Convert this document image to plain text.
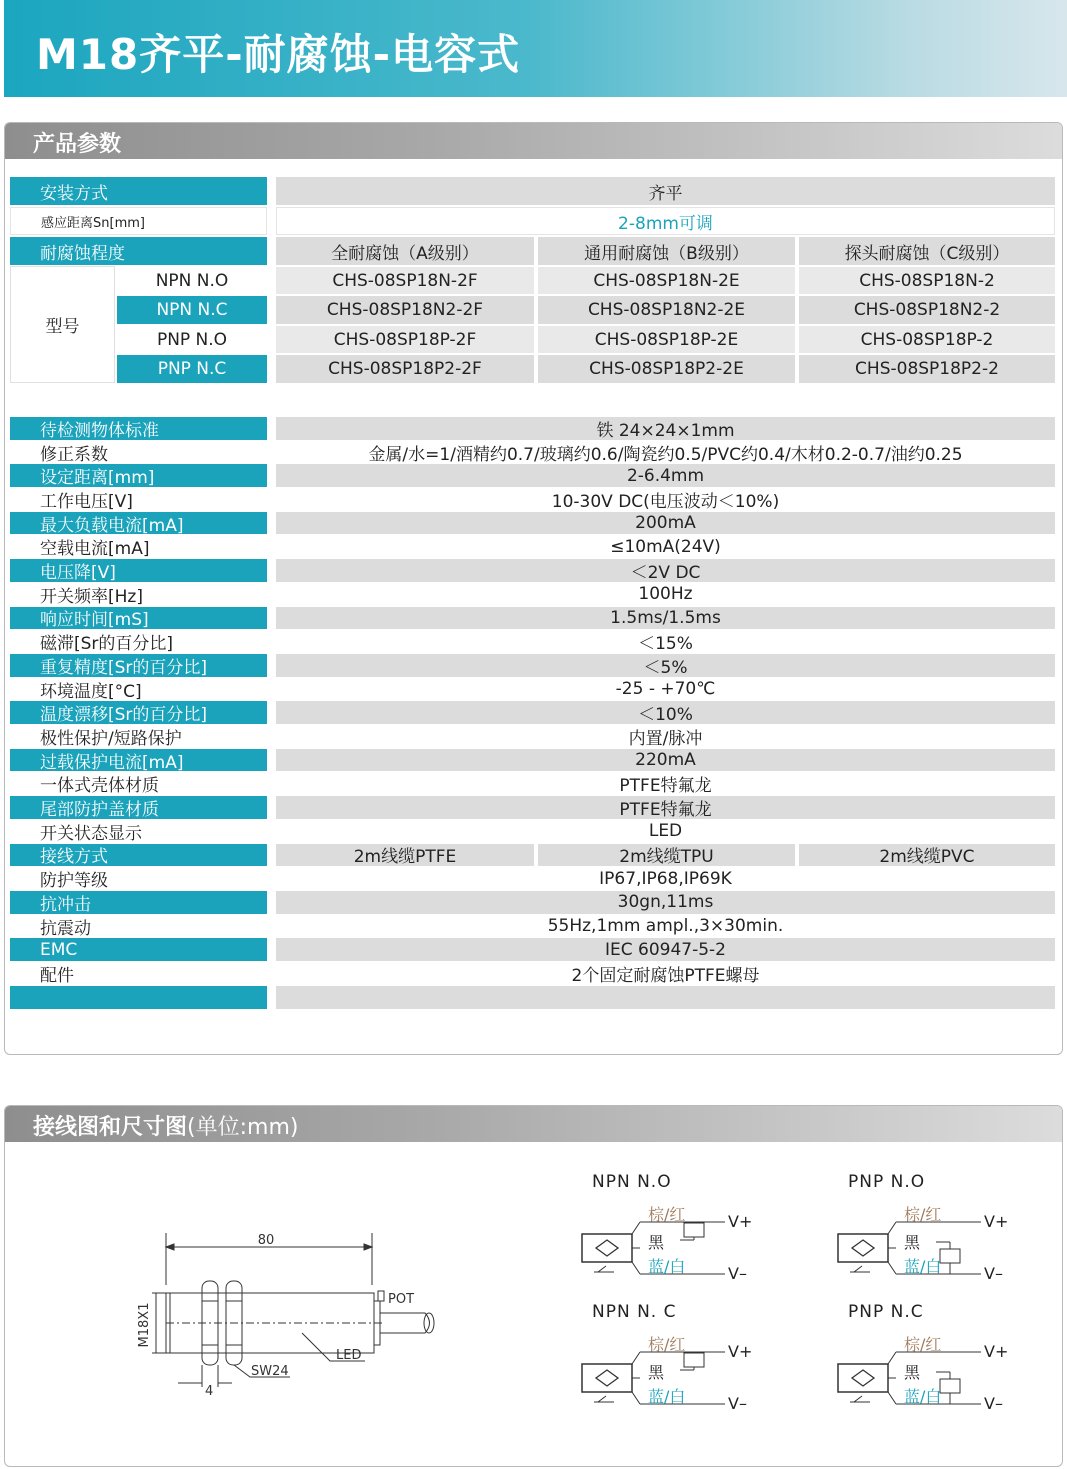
M18齐平-耐腐蚀-电容式
产品参数
安装方式	齐平
感应距离Sn[mm]	2-8mm可调
耐腐蚀程度	全耐腐蚀（A级别）	通用耐腐蚀（B级别）	探头耐腐蚀（C级别）
型号
NPN N.O	CHS-08SP18N-2F	CHS-08SP18N-2E	CHS-08SP18N-2
NPN N.C	CHS-08SP18N2-2F	CHS-08SP18N2-2E	CHS-08SP18N2-2
PNP N.O	CHS-08SP18P-2F	CHS-08SP18P-2E	CHS-08SP18P-2
PNP N.C	CHS-08SP18P2-2F	CHS-08SP18P2-2E	CHS-08SP18P2-2
待检测物体标准	铁 24×24×1mm
修正系数	金属/水=1/酒精约0.7/玻璃约0.6/陶瓷约0.5/PVC约0.4/木材0.2-0.7/油约0.25
设定距离[mm]	2-6.4mm
工作电压[V]	10-30V DC(电压波动＜10%)
最大负载电流[mA]	200mA
空载电流[mA]	≤10mA(24V)
电压降[V]	＜2V DC
开关频率[Hz]	100Hz
响应时间[mS]	1.5ms/1.5ms
磁滞[Sr的百分比]	＜15%
重复精度[Sr的百分比]	＜5%
环境温度[°C]	-25 - +70℃
温度漂移[Sr的百分比]	＜10%
极性保护/短路保护	内置/脉冲
过载保护电流[mA]	220mA
一体式壳体材质	PTFE特氟龙
尾部防护盖材质	PTFE特氟龙
开关状态显示	LED
接线方式	2m线缆PTFE	2m线缆TPU	2m线缆PVC
防护等级	IP67,IP68,IP69K
抗冲击	30gn,11ms
抗震动	55Hz,1mm ampl.,3×30min.
EMC	IEC 60947-5-2
配件	2个固定耐腐蚀PTFE螺母
接线图和尺寸图(单位:mm)
80
M18X1
SW24
4
POT
LED
NPN N.O
棕/红
黑
蓝/白
V+
V–
PNP N.O
棕/红
黑
蓝/白
V+
V–
NPN N. C
棕/红
黑
蓝/白
V+
V–
PNP N.C
棕/红
黑
蓝/白
V+
V–
